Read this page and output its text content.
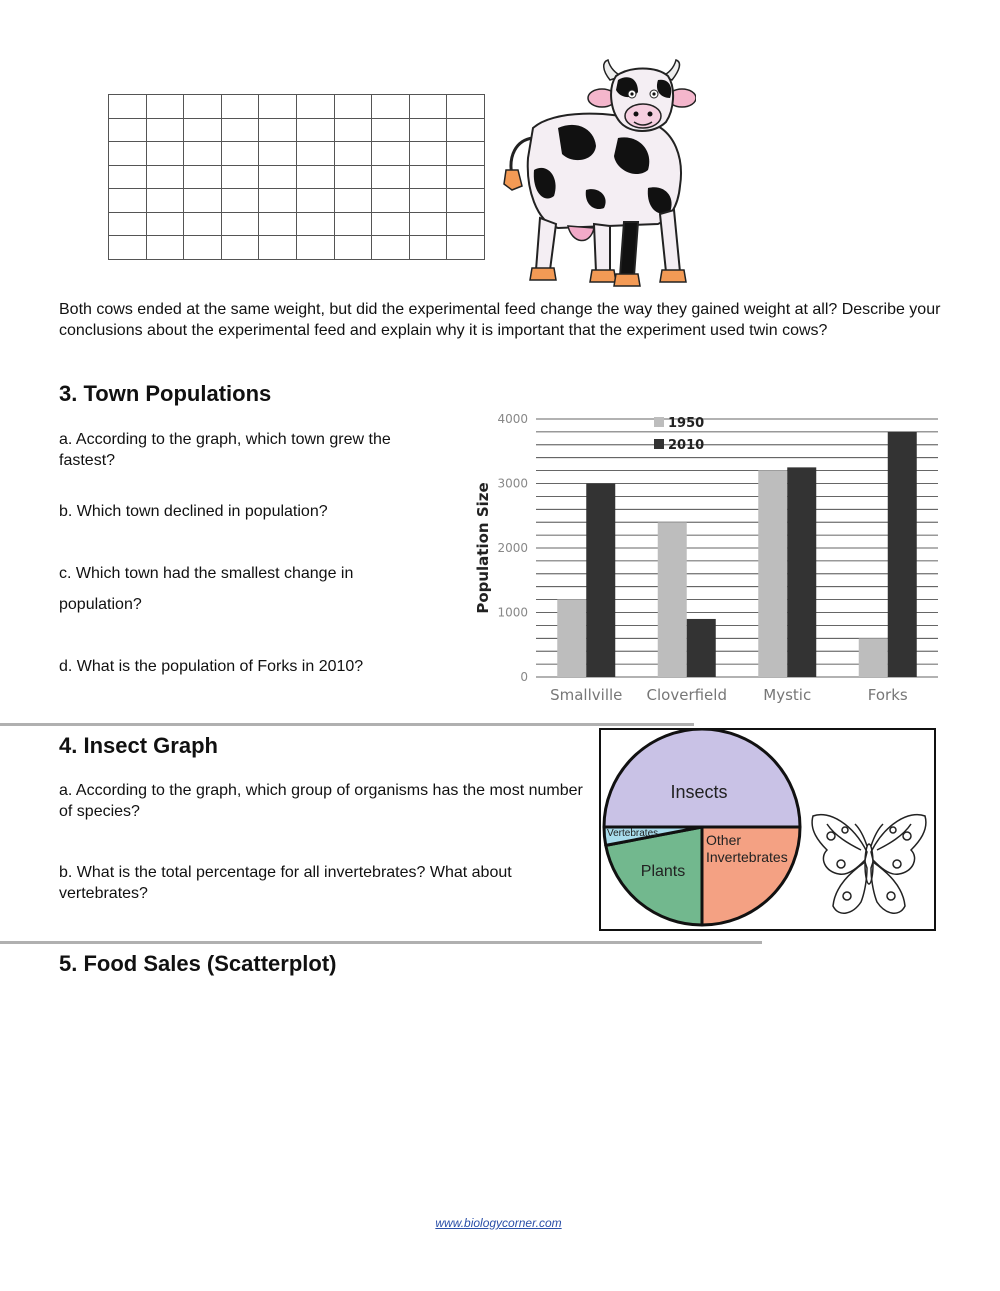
Both cows ended at the same weight, but did the experimental feed change the way they gained weight at all? Describe your conclusions about the experimental feed and explain why it is important that the experiment used twin cows?
3. Town Populations
a. According to the graph, which town grew the fastest?
b. Which town declined in population?
c. Which town had the smallest change in
population?
d. What is the population of Forks in 2010?
0
1000
2000
3000
4000
Population Size
Smallville Cloverfield Mystic	Forks
1950
2010
4. Insect Graph
a. According to the graph, which group of organisms has the most number of species?
b. What is the total percentage for all invertebrates? What about vertebrates?
Insects
Vertebrates	Other
Invertebrates
Plants
5. Food Sales (Scatterplot)
www.biologycorner.com
